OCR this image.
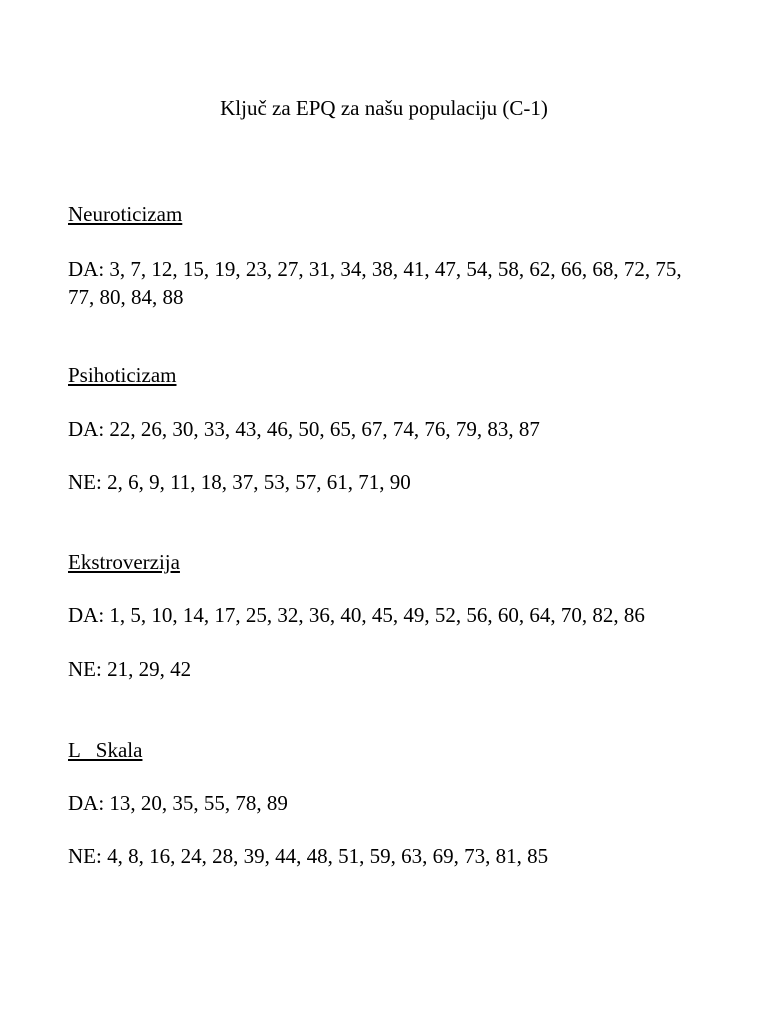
Ključ za EPQ za našu populaciju (C-1)
Neuroticizam

DA: 3, 7, 12, 15, 19, 23, 27, 31, 34, 38, 41, 47, 54, 58, 62, 66, 68, 72, 75, 77, 80, 84, 88

Psihoticizam

DA: 22, 26, 30, 33, 43, 46, 50, 65, 67, 74, 76, 79, 83, 87

NE: 2, 6, 9, 11, 18, 37, 53, 57, 61, 71, 90

Ekstroverzija

DA: 1, 5, 10, 14, 17, 25, 32, 36, 40, 45, 49, 52, 56, 60, 64, 70, 82, 86

NE: 21, 29, 42

L   Skala

DA: 13, 20, 35, 55, 78, 89

NE: 4, 8, 16, 24, 28, 39, 44, 48, 51, 59, 63, 69, 73, 81, 85
